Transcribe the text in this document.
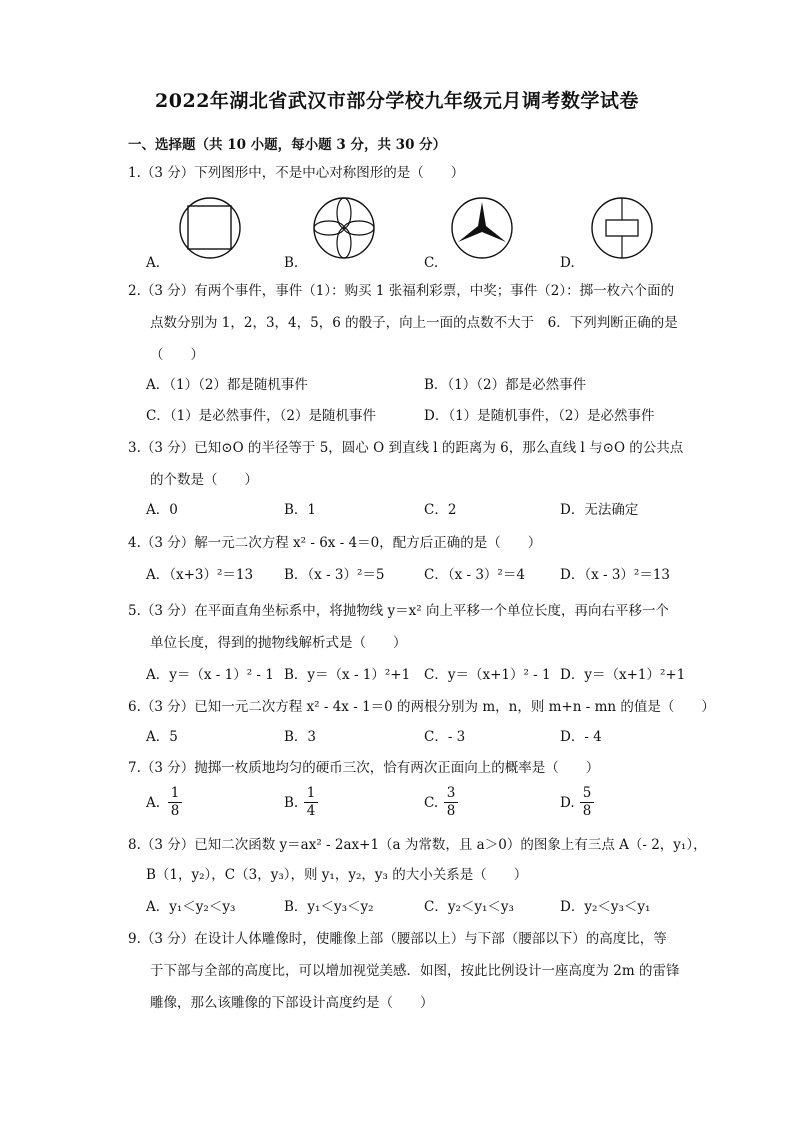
2022年湖北省武汉市部分学校九年级元月调考数学试卷
一、选择题（共 10 小题，每小题 3 分，共 30 分）
1.（3 分）下列图形中，不是中心对称图形的是（　　）
A.	B.	C.	D.
2.（3 分）有两个事件，事件（1）：购买 1 张福利彩票，中奖；事件（2）：掷一枚六个面的
点数分别为 1，2，3，4，5，6 的骰子，向上一面的点数不大于　6．下列判断正确的是
（　　）
A．（1）（2）都是随机事件	B．（1）（2）都是必然事件
C．（1）是必然事件，（2）是随机事件	D．（1）是随机事件，（2）是必然事件
3.（3 分）已知⊙O 的半径等于 5，圆心 O 到直线 l 的距离为 6，那么直线 l 与⊙O 的公共点
的个数是（　　）
A．0	B．1	C．2	D．无法确定
4.（3 分）解一元二次方程 x² - 6x - 4＝0，配方后正确的是（　　）
A．（x+3）²＝13 B．（x - 3）²＝5	C．（x - 3）²＝4	D．（x - 3）²＝13
5.（3 分）在平面直角坐标系中，将抛物线 y＝x² 向上平移一个单位长度，再向右平移一个
单位长度，得到的抛物线解析式是（　　）
A．y＝（x - 1）² - 1 B．y＝（x - 1）²+1 C．y＝（x+1）² - 1 D．y＝（x+1）²+1
6.（3 分）已知一元二次方程 x² - 4x - 1＝0 的两根分别为 m，n，则 m+n - mn 的值是（　　）
A．5	B．3	C．- 3	D．- 4
7.（3 分）抛掷一枚质地均匀的硬币三次，恰有两次正面向上的概率是（　　）
A.
1
8	B.
1
4	C.
3
8	D.
5
8
8.（3 分）已知二次函数 y＝ax² - 2ax+1（a 为常数，且 a＞0）的图象上有三点 A（- 2，y₁），
B（1，y₂），C（3，y₃），则 y₁，y₂，y₃ 的大小关系是（　　）
A．y₁＜y₂＜y₃	B．y₁＜y₃＜y₂	C．y₂＜y₁＜y₃	D．y₂＜y₃＜y₁
9.（3 分）在设计人体雕像时，使雕像上部（腰部以上）与下部（腰部以下）的高度比，等
于下部与全部的高度比，可以增加视觉美感．如图，按此比例设计一座高度为 2m 的雷锋
雕像，那么该雕像的下部设计高度约是（　　）
